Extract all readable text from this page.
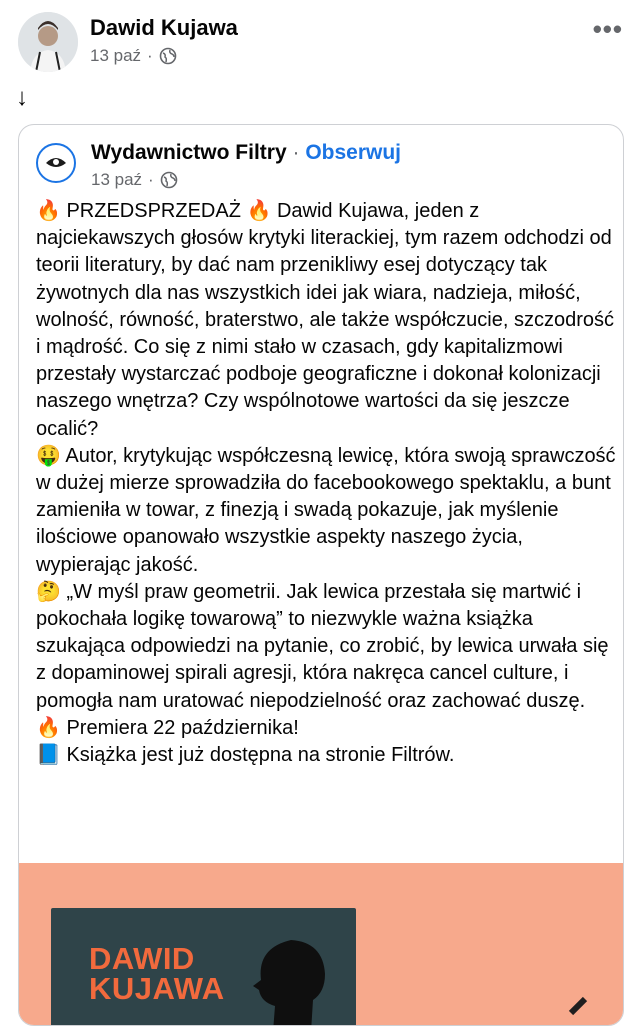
Dawid Kujawa
13 paź ·
•••
↓
Wydawnictwo Filtry · Obserwuj
13 paź ·

🔥 PRZEDSPRZEDAŻ 🔥 Dawid Kujawa, jeden z najciekawszych głosów krytyki literackiej, tym razem odchodzi od teorii literatury, by dać nam przenikliwy esej dotyczący tak żywotnych dla nas wszystkich idei jak wiara, nadzieja, miłość, wolność, równość, braterstwo, ale także współczucie, szczodrość i mądrość. Co się z nimi stało w czasach, gdy kapitalizmowi przestały wystarczać podboje geograficzne i dokonał kolonizacji naszego wnętrza? Czy wspólnotowe wartości da się jeszcze ocalić?

🤑 Autor, krytykując współczesną lewicę, która swoją sprawczość w dużej mierze sprowadziła do facebookowego spektaklu, a bunt zamieniła w towar, z finezją i swadą pokazuje, jak myślenie ilościowe opanowało wszystkie aspekty naszego życia, wypierając jakość.

🤔 „W myśl praw geometrii. Jak lewica przestała się martwić i pokochała logikę towarową” to niezwykle ważna książka szukająca odpowiedzi na pytanie, co zrobić, by lewica urwała się z dopaminowej spirali agresji, która nakręca cancel culture, i pomogła nam uratować niepodzielność oraz zachować duszę.

🔥 Premiera 22 października!

📘 Książka jest już dostępna na stronie Filtrów.

DAWID
KUJAWA
